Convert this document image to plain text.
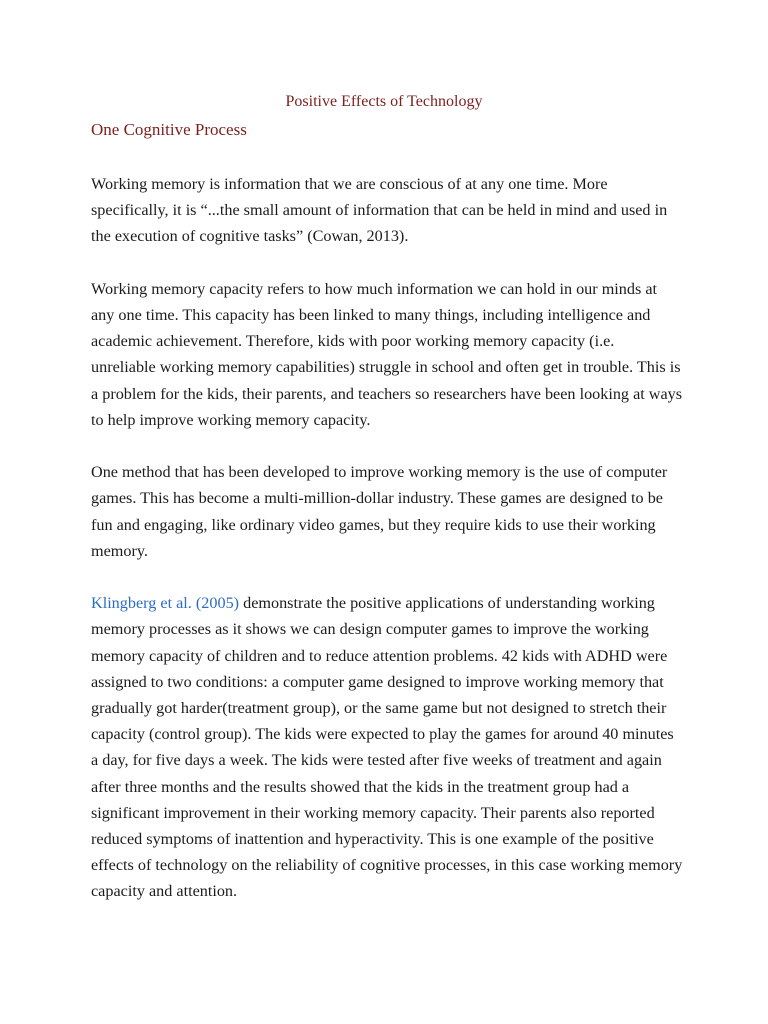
Positive Effects of Technology
One Cognitive Process

Working memory is information that we are conscious of at any one time. More specifically, it is “...the small amount of information that can be held in mind and used in the execution of cognitive tasks” (Cowan, 2013).

Working memory capacity refers to how much information we can hold in our minds at any one time. This capacity has been linked to many things, including intelligence and academic achievement. Therefore, kids with poor working memory capacity (i.e. unreliable working memory capabilities) struggle in school and often get in trouble. This is a problem for the kids, their parents, and teachers so researchers have been looking at ways to help improve working memory capacity.

One method that has been developed to improve working memory is the use of computer games. This has become a multi-million-dollar industry. These games are designed to be fun and engaging, like ordinary video games, but they require kids to use their working memory.

Klingberg et al. (2005) demonstrate the positive applications of understanding working memory processes as it shows we can design computer games to improve the working memory capacity of children and to reduce attention problems. 42 kids with ADHD were assigned to two conditions: a computer game designed to improve working memory that gradually got harder(treatment group), or the same game but not designed to stretch their capacity (control group). The kids were expected to play the games for around 40 minutes a day, for five days a week. The kids were tested after five weeks of treatment and again after three months and the results showed that the kids in the treatment group had a significant improvement in their working memory capacity. Their parents also reported reduced symptoms of inattention and hyperactivity. This is one example of the positive effects of technology on the reliability of cognitive processes, in this case working memory capacity and attention.
